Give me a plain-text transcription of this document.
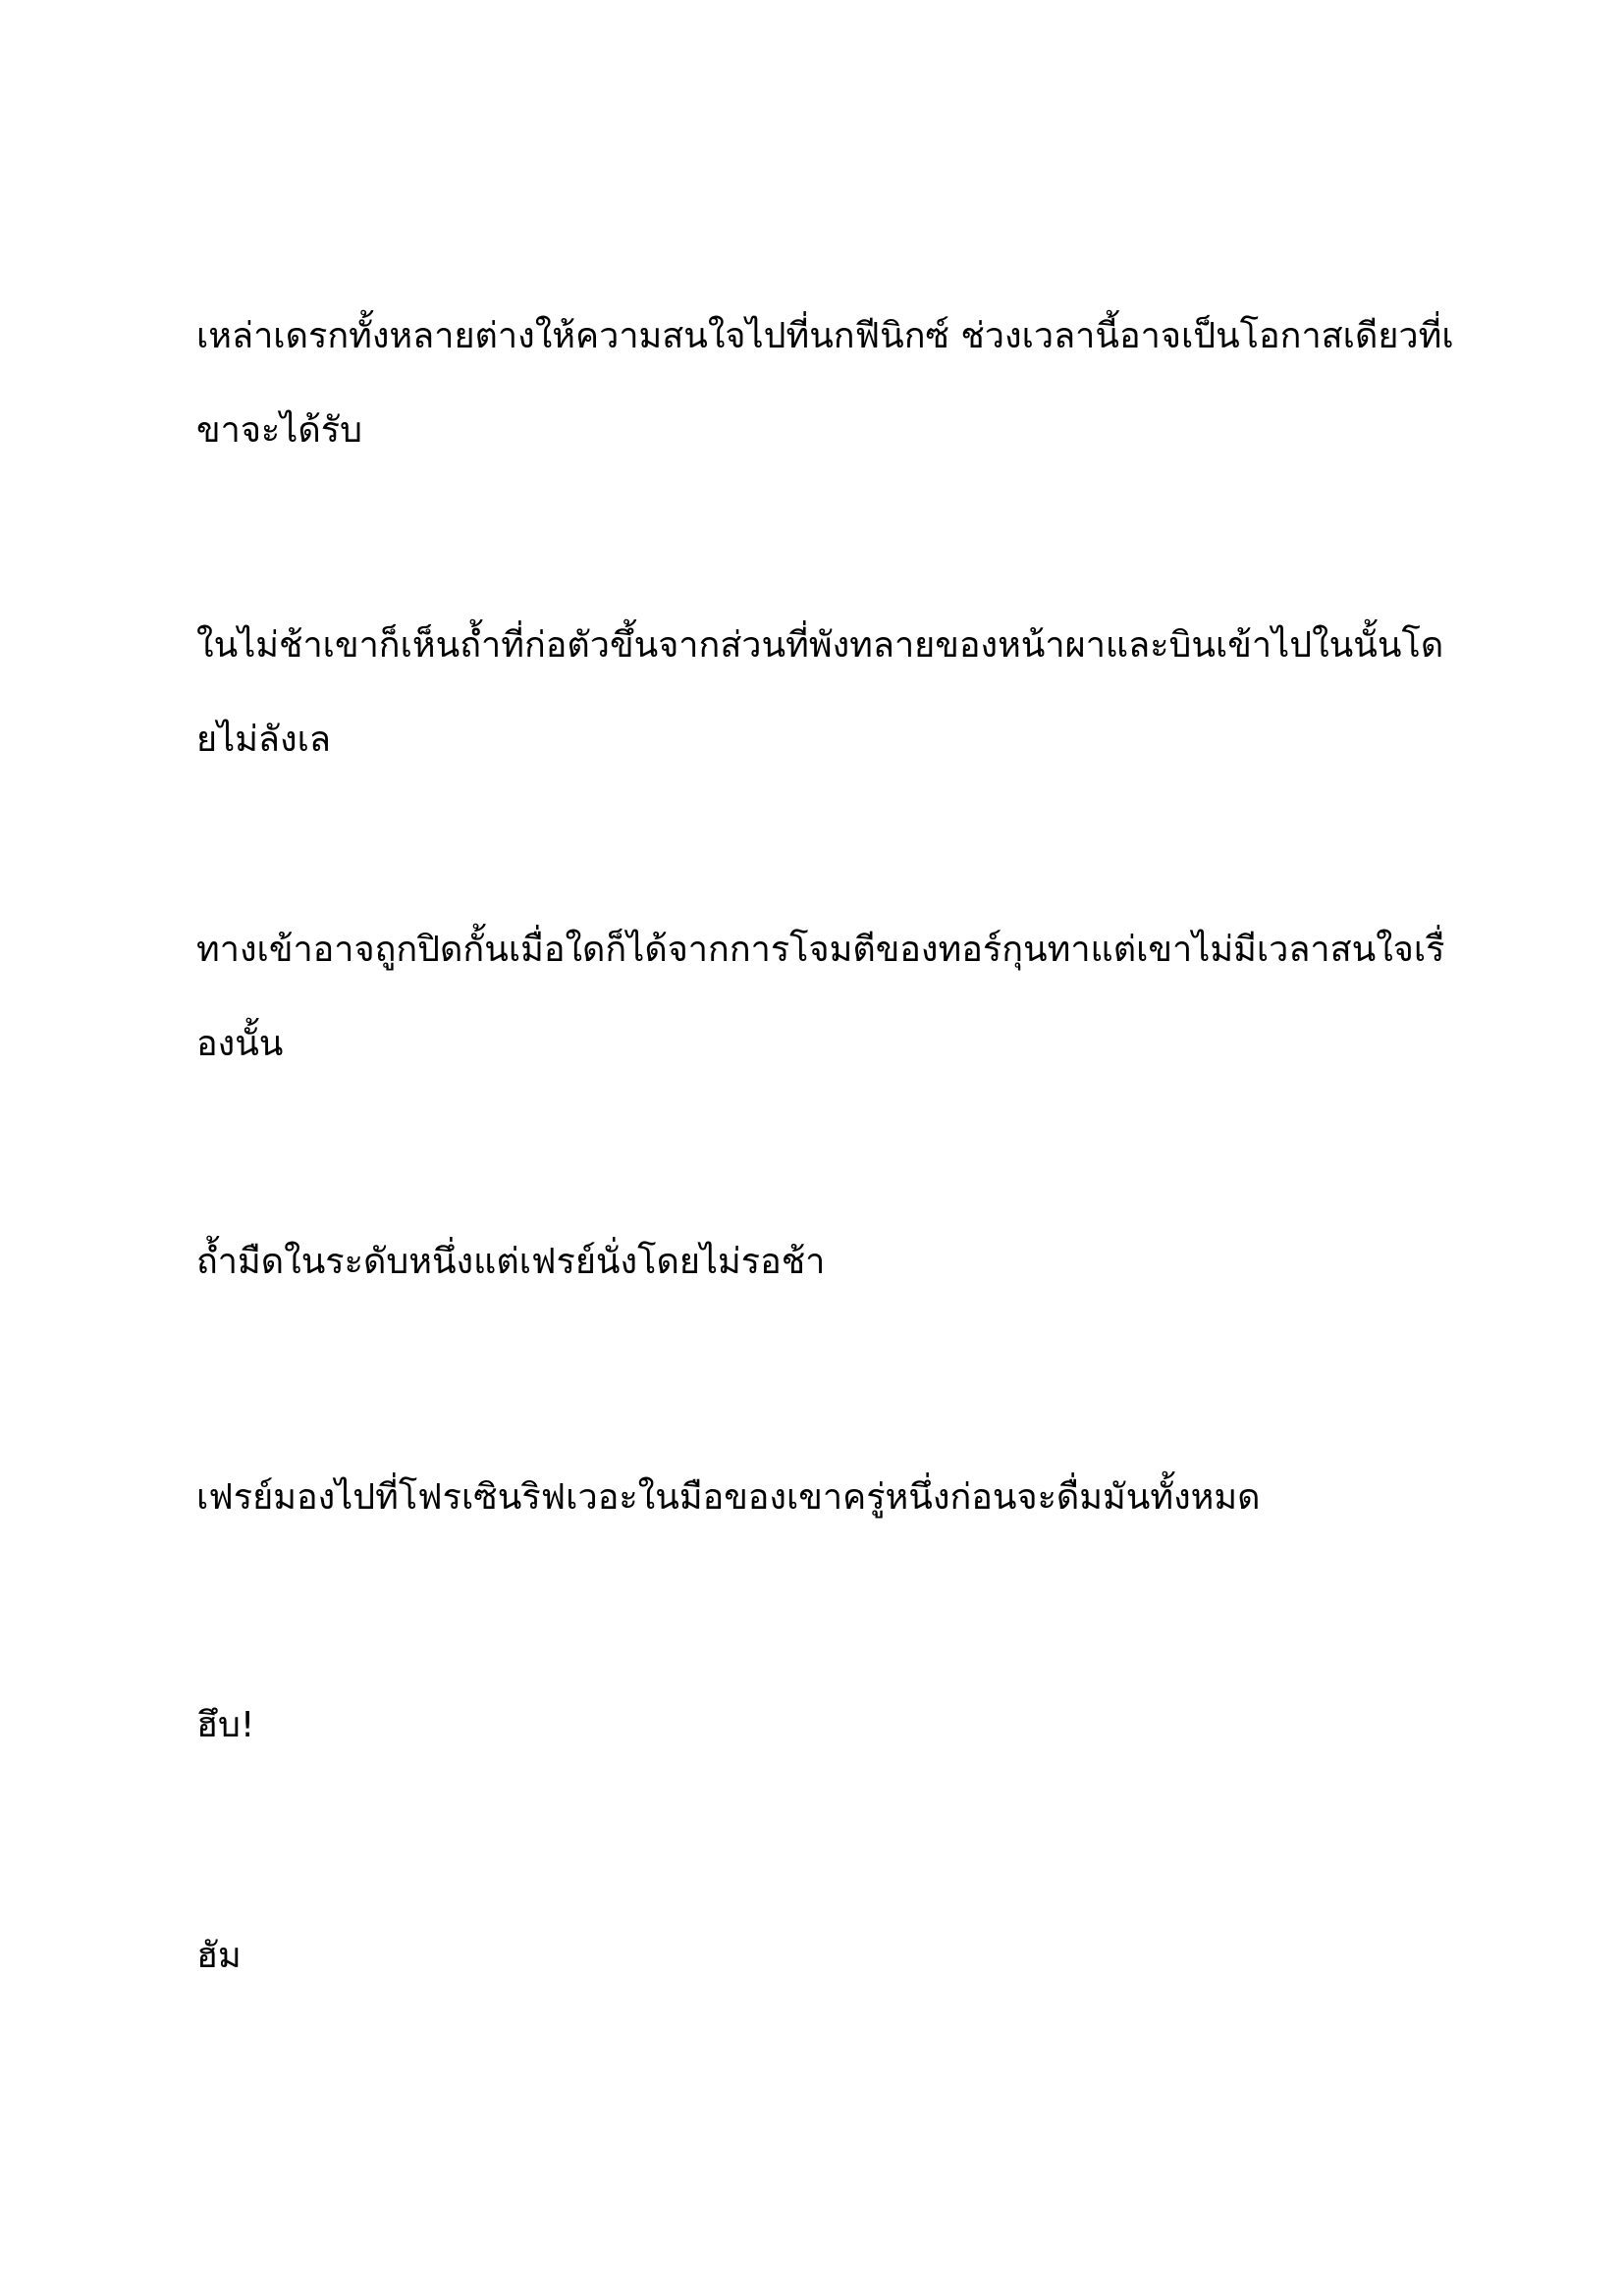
เหล่าเดรกทั้งหลายต่างให้ความสนใจไปที่นกฟีนิกซ์ ช่วงเวลานี้อาจเป็นโอกาสเดียวที่เขาจะได้รับ

ในไม่ช้าเขาก็เห็นถ้ำที่ก่อตัวขึ้นจากส่วนที่พังทลายของหน้าผาและบินเข้าไปในนั้นโดยไม่ลังเล

ทางเข้าอาจถูกปิดกั้นเมื่อใดก็ได้จากการโจมตีของทอร์กุนทาแต่เขาไม่มีเวลาสนใจเรื่องนั้น

ถ้ำมืดในระดับหนึ่งแต่เฟรย์นั่งโดยไม่รอช้า

เฟรย์มองไปที่โฟรเซินริฟเวอะในมือของเขาครู่หนึ่งก่อนจะดื่มมันทั้งหมด

ฮึบ!

ฮัม
